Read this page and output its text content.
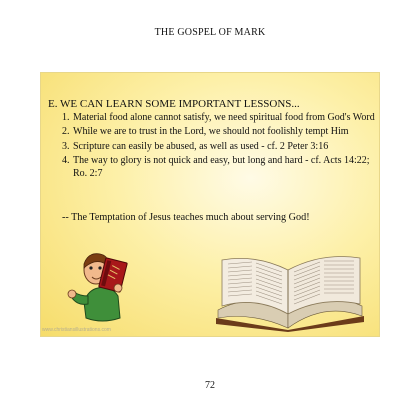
THE GOSPEL OF MARK
E. WE CAN LEARN SOME IMPORTANT LESSONS...
1. Material food alone cannot satisfy, we need spiritual food from God's Word
2. While we are to trust in the Lord, we should not foolishly tempt Him
3. Scripture can easily be abused, as well as used - cf. 2 Peter 3:16
4. The way to glory is not quick and easy, but long and hard - cf. Acts 14:22; Ro. 2:7
-- The Temptation of Jesus teaches much about serving God!
www.christiansillustrations.com
72
